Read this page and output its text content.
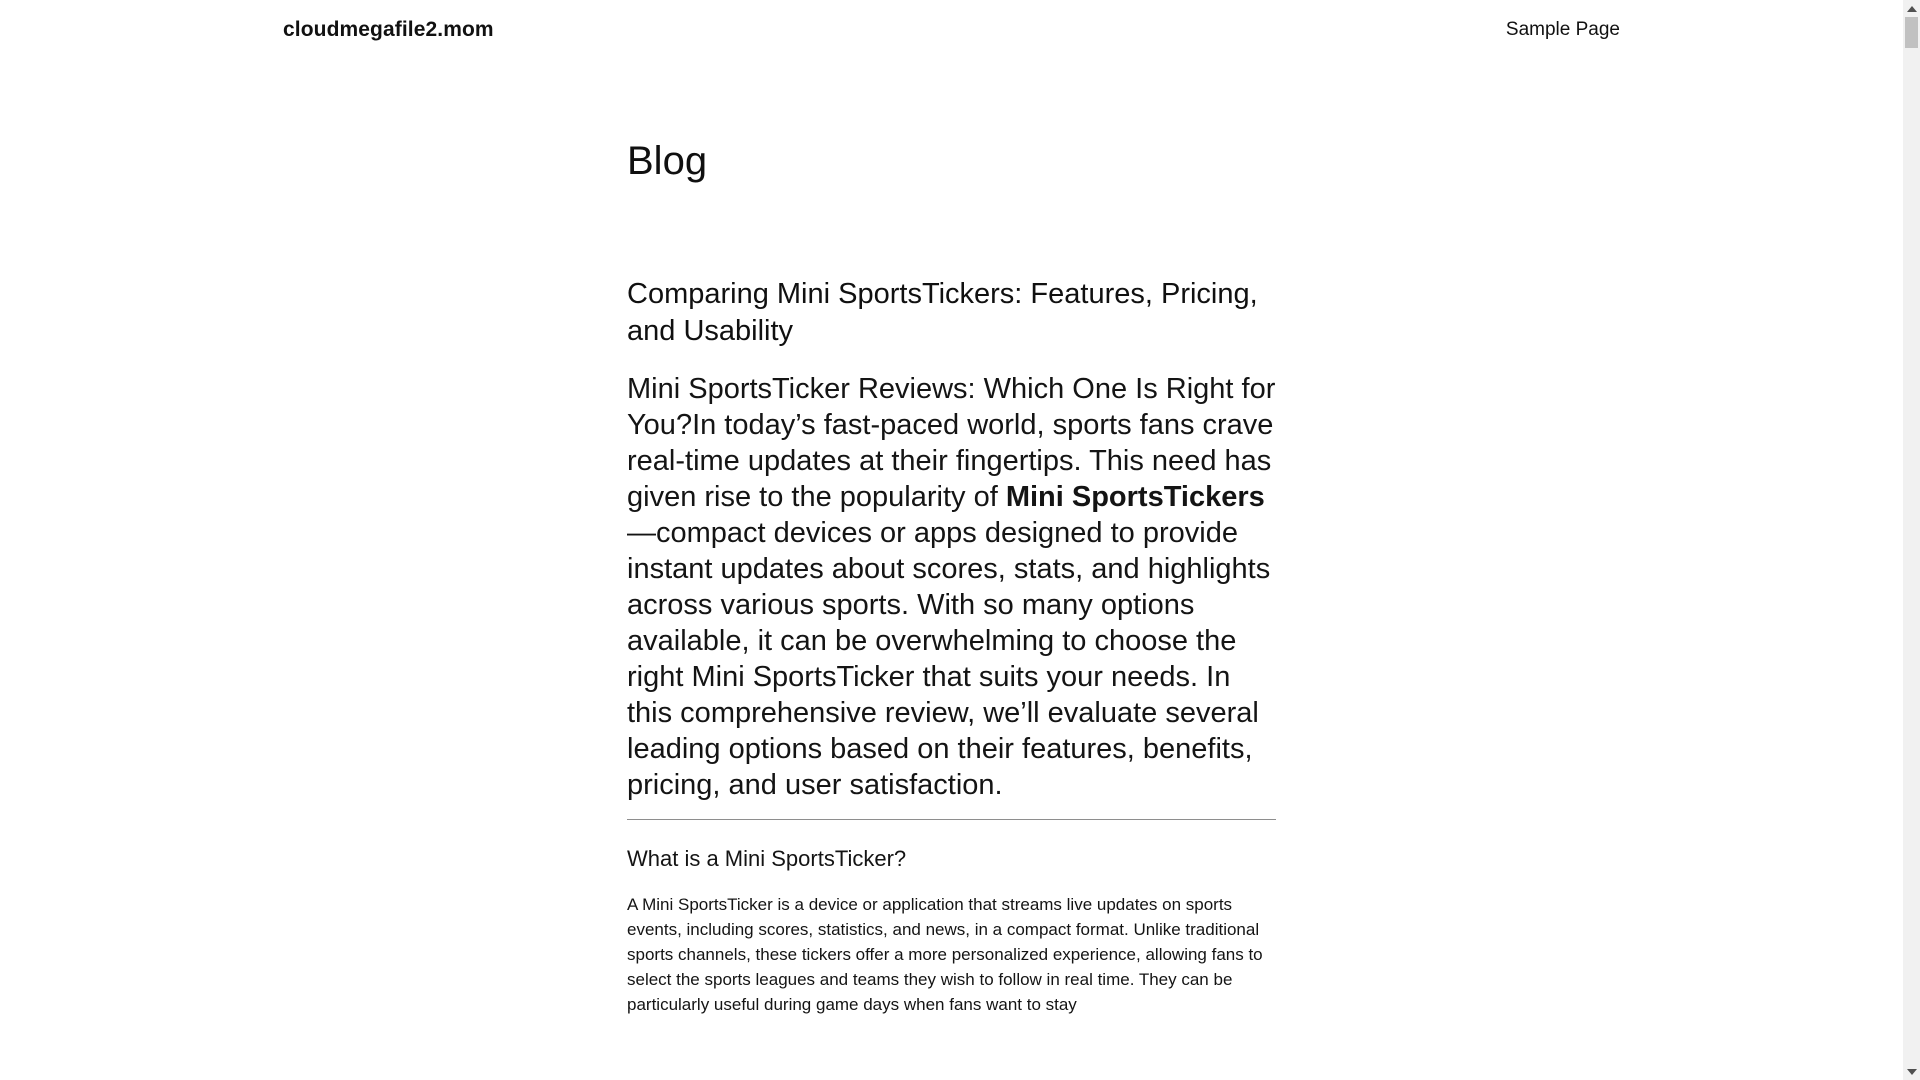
cloudmegafile2.mom	Sample Page
Blog
Comparing Mini SportsTickers: Features, Pricing, and Usability

Mini SportsTicker Reviews: Which One Is Right for You?In today’s fast-paced world, sports fans crave real-time updates at their fingertips. This need has given rise to the popularity of Mini SportsTickers—compact devices or apps designed to provide instant updates about scores, stats, and highlights across various sports. With so many options available, it can be overwhelming to choose the right Mini SportsTicker that suits your needs. In this comprehensive review, we’ll evaluate several leading options based on their features, benefits, pricing, and user satisfaction.

What is a Mini SportsTicker?

A Mini SportsTicker is a device or application that streams live updates on sports events, including scores, statistics, and news, in a compact format. Unlike traditional sports channels, these tickers offer a more personalized experience, allowing fans to select the sports leagues and teams they wish to follow in real time. They can be particularly useful during game days when fans want to stay
